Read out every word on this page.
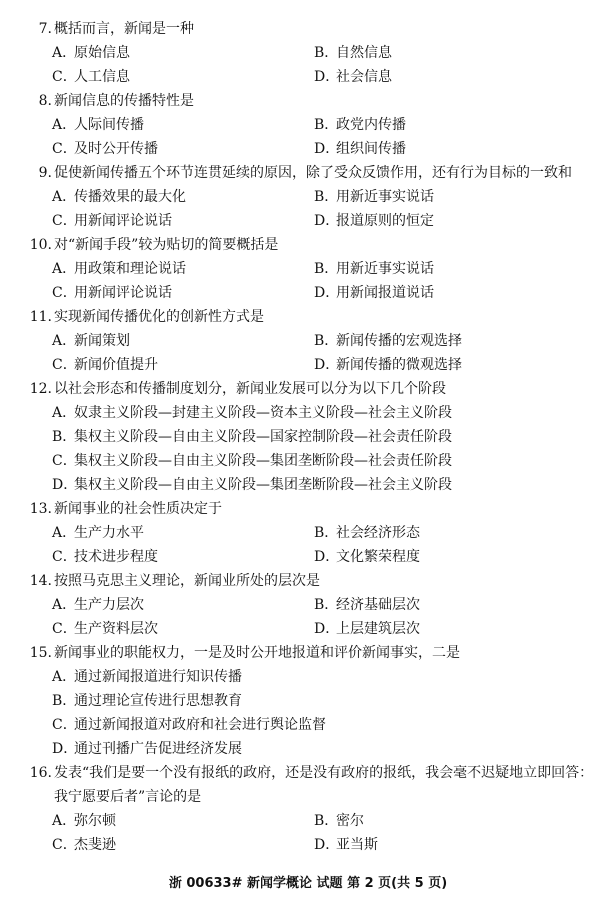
7. 概括而言，新闻是一种
A．原始信息	B．自然信息
C．人工信息	D．社会信息
8. 新闻信息的传播特性是
A．人际间传播	B．政党内传播
C．及时公开传播	D．组织间传播
9. 促使新闻传播五个环节连贯延续的原因，除了受众反馈作用，还有行为目标的一致和
A．传播效果的最大化	B．用新近事实说话
C．用新闻评论说话	D．报道原则的恒定
10. 对“新闻手段”较为贴切的简要概括是
A．用政策和理论说话	B．用新近事实说话
C．用新闻评论说话	D．用新闻报道说话
11. 实现新闻传播优化的创新性方式是
A．新闻策划	B．新闻传播的宏观选择
C．新闻价值提升	D．新闻传播的微观选择
12. 以社会形态和传播制度划分，新闻业发展可以分为以下几个阶段
A．奴隶主义阶段—封建主义阶段—资本主义阶段—社会主义阶段
B．集权主义阶段—自由主义阶段—国家控制阶段—社会责任阶段
C．集权主义阶段—自由主义阶段—集团垄断阶段—社会责任阶段
D．集权主义阶段—自由主义阶段—集团垄断阶段—社会主义阶段
13. 新闻事业的社会性质决定于
A．生产力水平	B．社会经济形态
C．技术进步程度	D．文化繁荣程度
14. 按照马克思主义理论，新闻业所处的层次是
A．生产力层次	B．经济基础层次
C．生产资料层次	D．上层建筑层次
15. 新闻事业的职能权力，一是及时公开地报道和评价新闻事实，二是
A．通过新闻报道进行知识传播
B．通过理论宣传进行思想教育
C．通过新闻报道对政府和社会进行舆论监督
D．通过刊播广告促进经济发展
16. 发表“我们是要一个没有报纸的政府，还是没有政府的报纸，我会毫不迟疑地立即回答：我宁愿要后者”言论的是
A．弥尔顿	B．密尔
C．杰斐逊	D．亚当斯
浙 00633# 新闻学概论 试题 第 2 页(共 5 页)
